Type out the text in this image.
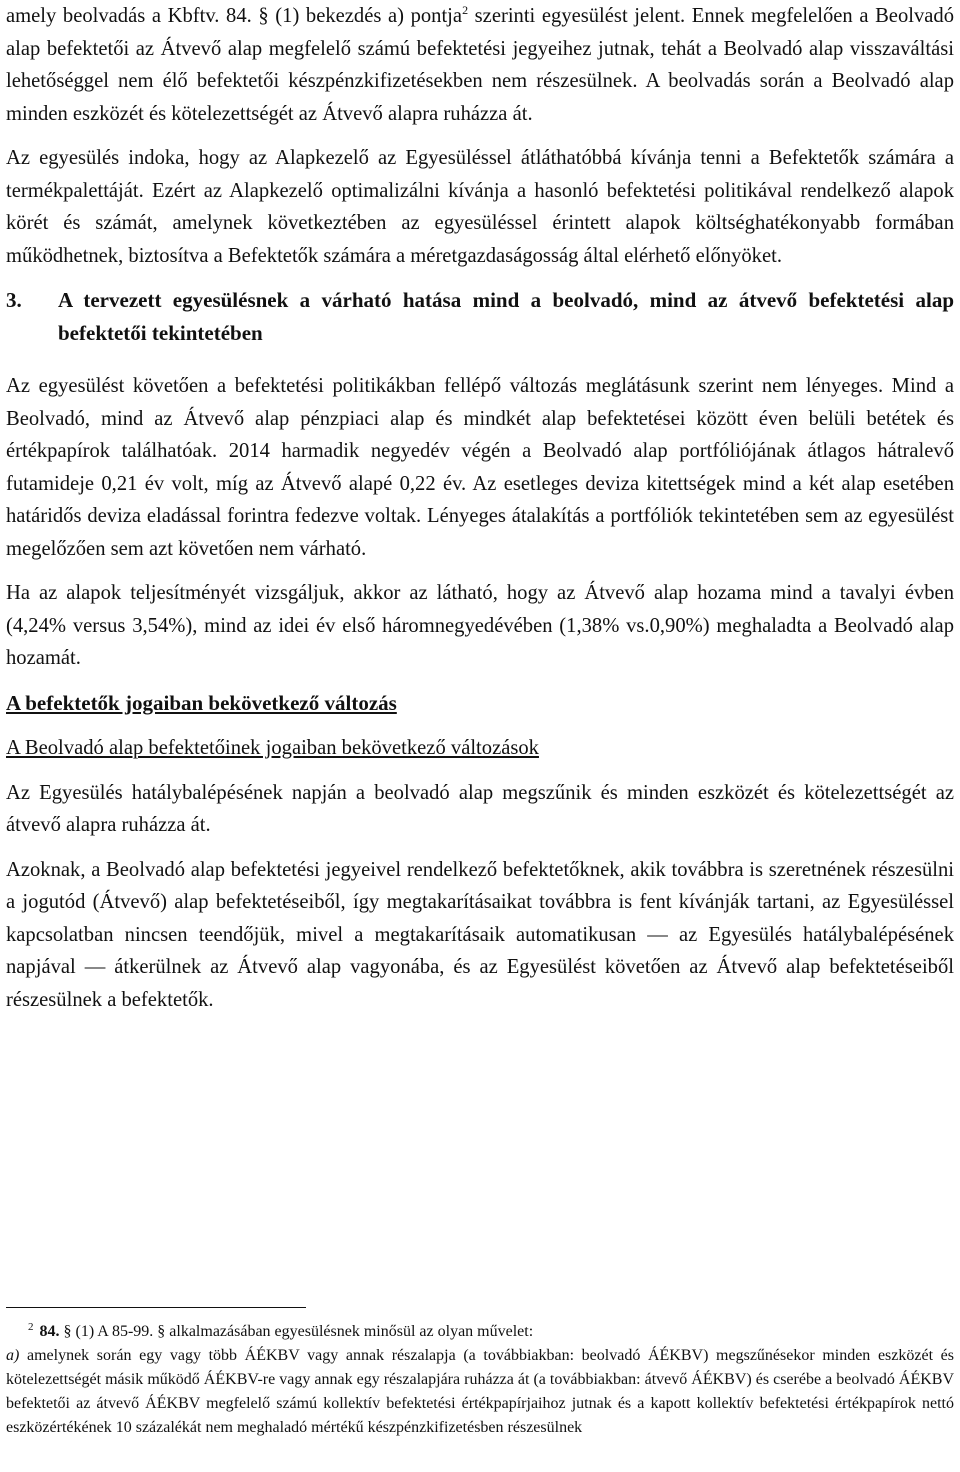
amely beolvadás a Kbftv. 84. § (1) bekezdés a) pontja$^2$ szerinti egyesülést jelent. Ennek megfelelően a Beolvadó alap befektetői az Átvevő alap megfelelő számú befektetési jegyeihez jutnak, tehát a Beolvadó alap visszaváltási lehetőséggel nem élő befektetői készpénzkifizetésekben nem részesülnek. A beolvadás során a Beolvadó alap minden eszközét és kötelezettségét az Átvevő alapra ruházza át.

Az egyesülés indoka, hogy az Alapkezelő az Egyesüléssel átláthatóbbá kívánja tenni a Befektetők számára a termékpalettáját. Ezért az Alapkezelő optimalizálni kívánja a hasonló befektetési politikával rendelkező alapok körét és számát, amelynek következtében az egyesüléssel érintett alapok költséghatékonyabb formában működhetnek, biztosítva a Befektetők számára a méretgazdaságosság által elérhető előnyöket.

3.	A tervezett egyesülésnek a várható hatása mind a beolvadó, mind az átvevő befektetési alap befektetői tekintetében

Az egyesülést követően a befektetési politikákban fellépő változás meglátásunk szerint nem lényeges. Mind a Beolvadó, mind az Átvevő alap pénzpiaci alap és mindkét alap befektetései között éven belüli betétek és értékpapírok találhatóak. 2014 harmadik negyedév végén a Beolvadó alap portfóliójának átlagos hátralevő futamideje 0,21 év volt, míg az Átvevő alapé 0,22 év. Az esetleges deviza kitettségek mind a két alap esetében határidős deviza eladással forintra fedezve voltak. Lényeges átalakítás a portfóliók tekintetében sem az egyesülést megelőzően sem azt követően nem várható.

Ha az alapok teljesítményét vizsgáljuk, akkor az látható, hogy az Átvevő alap hozama mind a tavalyi évben (4,24% versus 3,54%), mind az idei év első háromnegyedévében (1,38% vs.0,90%) meghaladta a Beolvadó alap hozamát.

A befektetők jogaiban bekövetkező változás

A Beolvadó alap befektetőinek jogaiban bekövetkező változások

Az Egyesülés hatálybalépésének napján a beolvadó alap megszűnik és minden eszközét és kötelezettségét az átvevő alapra ruházza át.

Azoknak, a Beolvadó alap befektetési jegyeivel rendelkező befektetőknek, akik továbbra is szeretnének részesülni a jogutód (Átvevő) alap befektetéseiből, így megtakarításaikat továbbra is fent kívánják tartani, az Egyesüléssel kapcsolatban nincsen teendőjük, mivel a megtakarításaik automatikusan — az Egyesülés hatálybalépésének napjával — átkerülnek az Átvevő alap vagyonába, és az Egyesülést követően az Átvevő alap befektetéseiből részesülnek a befektetők.

$^2$ 84. § (1) A 85-99. § alkalmazásában egyesülésnek minősül az olyan művelet:
a) amelynek során egy vagy több ÁÉKBV vagy annak részalapja (a továbbiakban: beolvadó ÁÉKBV) megszűnésekor minden eszközét és kötelezettségét másik működő ÁÉKBV-re vagy annak egy részalapjára ruházza át (a továbbiakban: átvevő ÁÉKBV) és cserébe a beolvadó ÁÉKBV befektetői az átvevő ÁÉKBV megfelelő számú kollektív befektetési értékpapírjaihoz jutnak és a kapott kollektív befektetési értékpapírok nettó eszközértékének 10 százalékát nem meghaladó mértékű készpénzkifizetésben részesülnek
